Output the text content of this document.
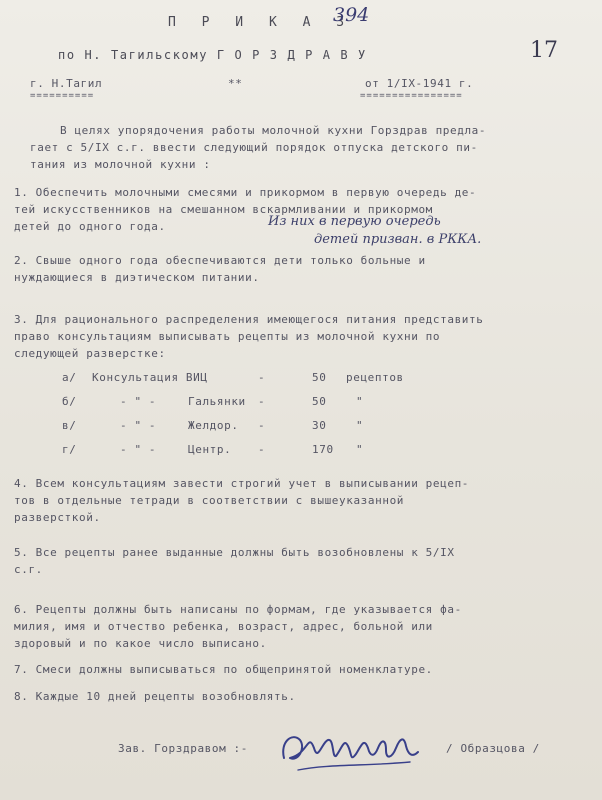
П Р И К А З
394
17
по Н. Тагильскому Г О Р З Д Р А В У
г. Н.Тагил
==========
**	от 1/IX-1941 г.
================
В целях упорядочения работы молочной кухни Горздрав предла-
гает с 5/IX с.г. ввести следующий порядок отпуска детского пи-
тания из молочной кухни :
1. Обеспечить молочными смесями и прикормом в первую очередь де-
тей искусственников на смешанном вскармливании и прикормом
детей до одного года.	Из них в первую очередь
детей призван. в РККА.
2. Свыше одного года обеспечиваются дети только больные и
нуждающиеся в диэтическом питании.
3. Для рационального распределения имеющегося питания представить
право консультациям выписывать рецепты из молочной кухни по
следующей разверстке:
а/ Консультация ВИЦ	-	50 рецептов
б/	- " -	Гальянки -	50	"
в/	- " -	Желдор. -	30	"
г/	- " -	Центр. -	170 "
4. Всем консультациям завести строгий учет в выписывании рецеп-
тов в отдельные тетради в соответствии с вышеуказанной
разверсткой.
5. Все рецепты ранее выданные должны быть возобновлены к 5/IX
с.г.
6. Рецепты должны быть написаны по формам, где указывается фа-
милия, имя и отчество ребенка, возраст, адрес, больной или
здоровый и по какое число выписано.
7. Смеси должны выписываться по общепринятой номенклатуре.
8. Каждые 10 дней рецепты возобновлять.
Зав. Горздравом :-	/ Образцова /
